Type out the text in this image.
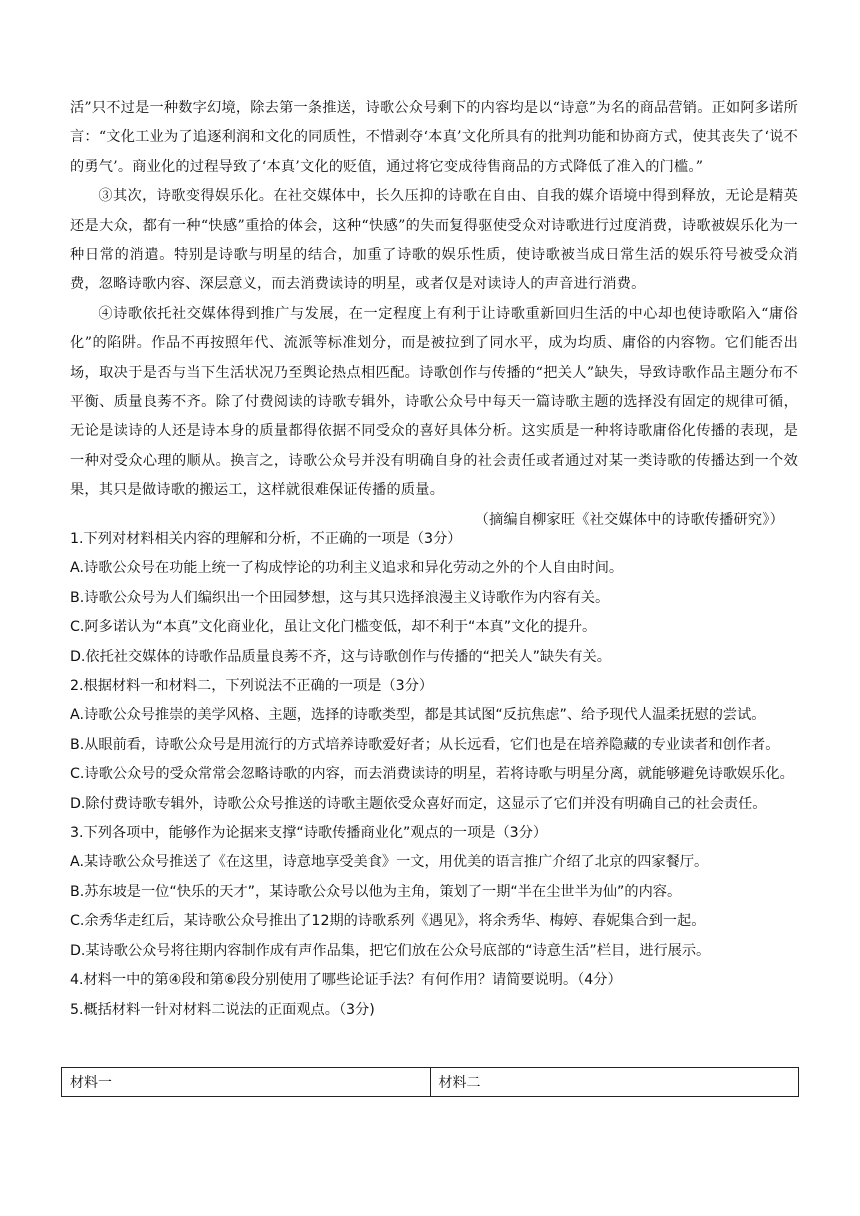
活”只不过是一种数字幻境，除去第一条推送，诗歌公众号剩下的内容均是以“诗意”为名的商品营销。正如阿多诺所言：“文化工业为了追逐利润和文化的同质性，不惜剥夺‘本真’文化所具有的批判功能和协商方式，使其丧失了‘说不的勇气’。商业化的过程导致了‘本真’文化的贬值，通过将它变成待售商品的方式降低了准入的门槛。”

③其次，诗歌变得娱乐化。在社交媒体中，长久压抑的诗歌在自由、自我的媒介语境中得到释放，无论是精英还是大众，都有一种“快感”重拾的体会，这种“快感”的失而复得驱使受众对诗歌进行过度消费，诗歌被娱乐化为一种日常的消遣。特别是诗歌与明星的结合，加重了诗歌的娱乐性质，使诗歌被当成日常生活的娱乐符号被受众消费，忽略诗歌内容、深层意义，而去消费读诗的明星，或者仅是对读诗人的声音进行消费。

④诗歌依托社交媒体得到推广与发展，在一定程度上有利于让诗歌重新回归生活的中心却也使诗歌陷入“庸俗化”的陷阱。作品不再按照年代、流派等标准划分，而是被拉到了同水平，成为均质、庸俗的内容物。它们能否出场，取决于是否与当下生活状况乃至舆论热点相匹配。诗歌创作与传播的“把关人”缺失，导致诗歌作品主题分布不平衡、质量良莠不齐。除了付费阅读的诗歌专辑外，诗歌公众号中每天一篇诗歌主题的选择没有固定的规律可循，无论是读诗的人还是诗本身的质量都得依据不同受众的喜好具体分析。这实质是一种将诗歌庸俗化传播的表现，是一种对受众心理的顺从。换言之，诗歌公众号并没有明确自身的社会责任或者通过对某一类诗歌的传播达到一个效果，其只是做诗歌的搬运工，这样就很难保证传播的质量。

（摘编自柳家旺《社交媒体中的诗歌传播研究》）

1.下列对材料相关内容的理解和分析，不正确的一项是（3分）

A.诗歌公众号在功能上统一了构成悖论的功利主义追求和异化劳动之外的个人自由时间。

B.诗歌公众号为人们编织出一个田园梦想，这与其只选择浪漫主义诗歌作为内容有关。

C.阿多诺认为“本真”文化商业化，虽让文化门槛变低，却不利于“本真”文化的提升。

D.依托社交媒体的诗歌作品质量良莠不齐，这与诗歌创作与传播的“把关人”缺失有关。

2.根据材料一和材料二，下列说法不正确的一项是（3分）

A.诗歌公众号推崇的美学风格、主题，选择的诗歌类型，都是其试图“反抗焦虑”、给予现代人温柔抚慰的尝试。

B.从眼前看，诗歌公众号是用流行的方式培养诗歌爱好者；从长远看，它们也是在培养隐藏的专业读者和创作者。

C.诗歌公众号的受众常常会忽略诗歌的内容，而去消费读诗的明星，若将诗歌与明星分离，就能够避免诗歌娱乐化。

D.除付费诗歌专辑外，诗歌公众号推送的诗歌主题依受众喜好而定，这显示了它们并没有明确自己的社会责任。

3.下列各项中，能够作为论据来支撑“诗歌传播商业化”观点的一项是（3分）

A.某诗歌公众号推送了《在这里，诗意地享受美食》一文，用优美的语言推广介绍了北京的四家餐厅。

B.苏东坡是一位“快乐的天才”，某诗歌公众号以他为主角，策划了一期“半在尘世半为仙”的内容。

C.余秀华走红后，某诗歌公众号推出了12期的诗歌系列《遇见》，将余秀华、梅婷、春妮集合到一起。

D.某诗歌公众号将往期内容制作成有声作品集，把它们放在公众号底部的“诗意生活”栏目，进行展示。

4.材料一中的第④段和第⑥段分别使用了哪些论证手法？有何作用？请简要说明。（4分）

5.概括材料一针对材料二说法的正面观点。（3分)

材料一	材料二
